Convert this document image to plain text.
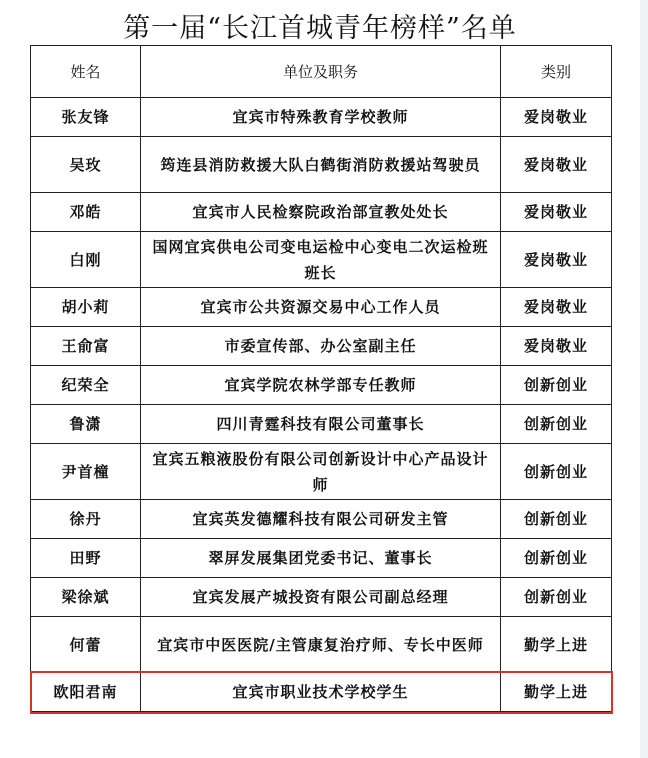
第一届“长江首城青年榜样”名单
姓名	单位及职务	类别
张友锋	宜宾市特殊教育学校教师	爱岗敬业
吴玫	筠连县消防救援大队白鹤街消防救援站驾驶员	爱岗敬业
邓皓	宜宾市人民检察院政治部宣教处处长	爱岗敬业
白刚	国网宜宾供电公司变电运检中心变电二次运检班班长	爱岗敬业
胡小莉	宜宾市公共资源交易中心工作人员	爱岗敬业
王俞富	市委宣传部、办公室副主任	爱岗敬业
纪荣全	宜宾学院农林学部专任教师	创新创业
鲁潇	四川青霆科技有限公司董事长	创新创业
尹首橦	宜宾五粮液股份有限公司创新设计中心产品设计师	创新创业
徐丹	宜宾英发德耀科技有限公司研发主管	创新创业
田野	翠屏发展集团党委书记、董事长	创新创业
梁徐斌	宜宾发展产城投资有限公司副总经理	创新创业
何蕾	宜宾市中医医院/主管康复治疗师、专长中医师	勤学上进
欧阳君南	宜宾市职业技术学校学生	勤学上进
